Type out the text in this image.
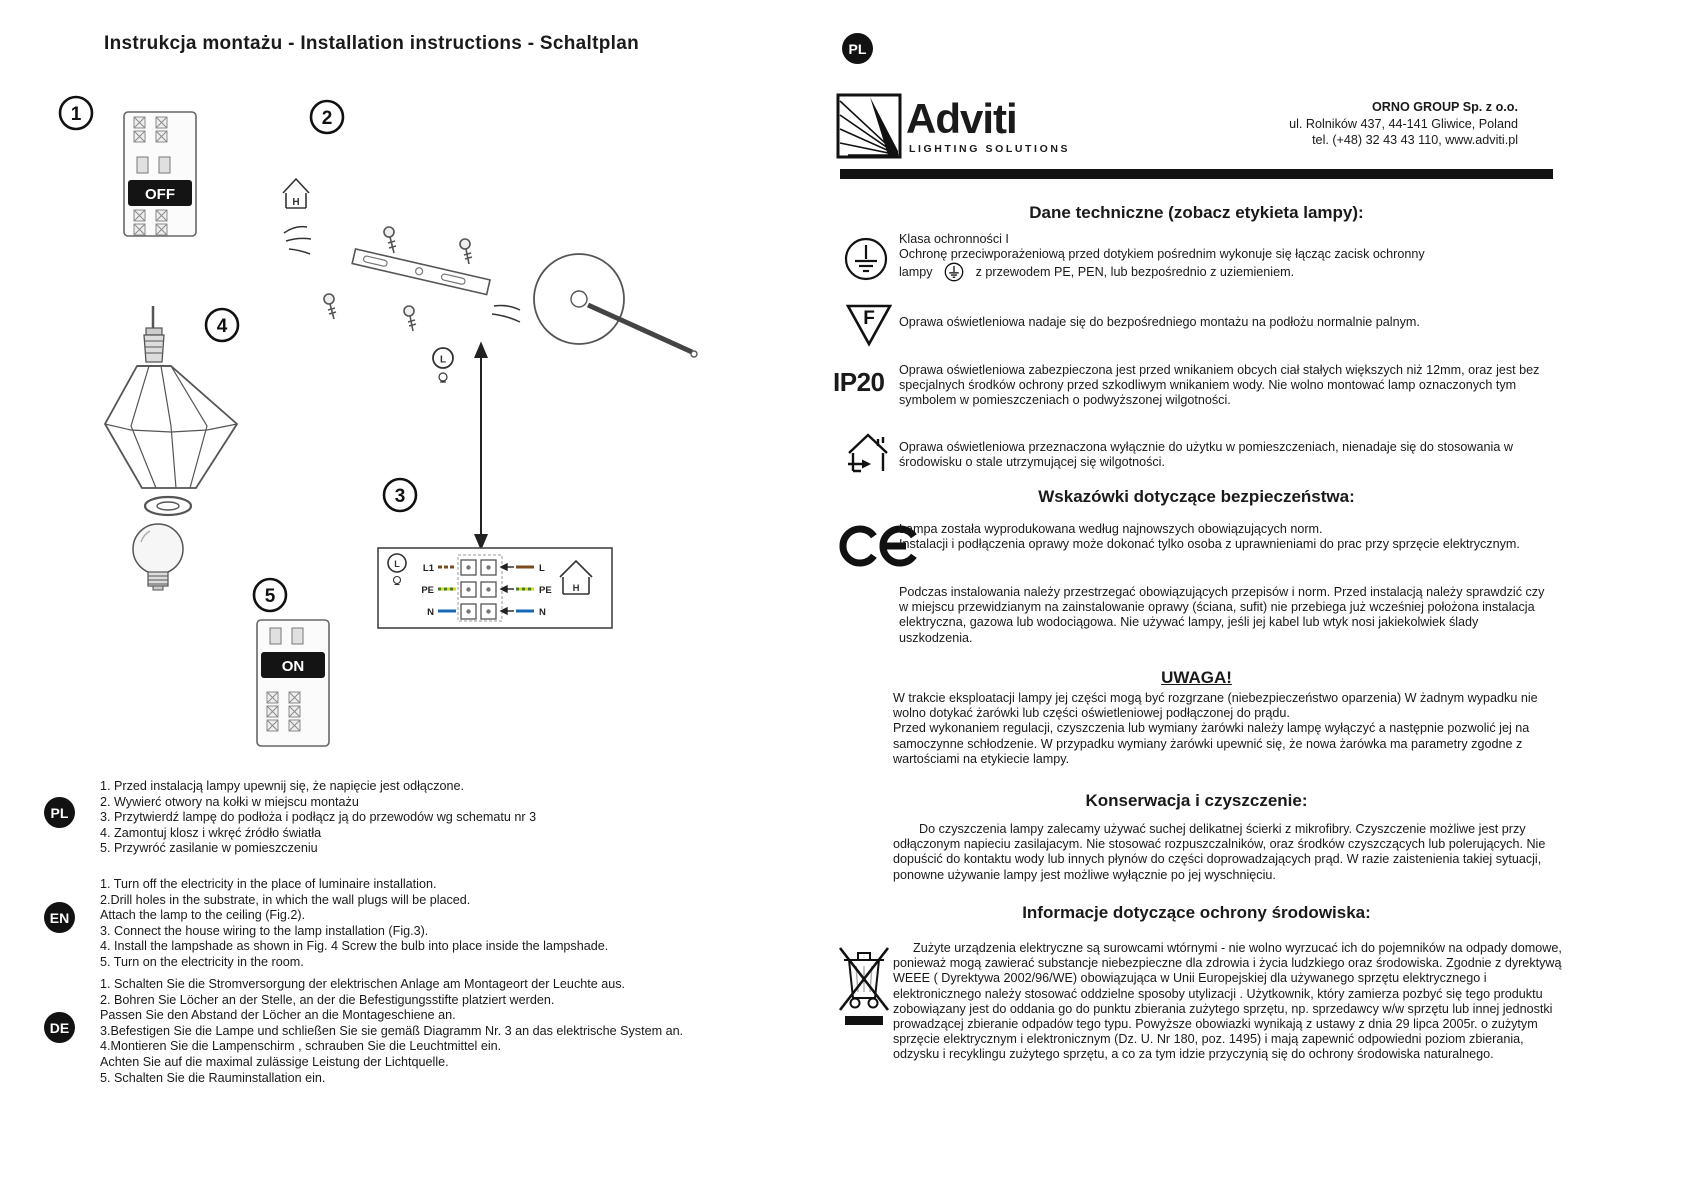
Instrukcja montażu - Installation instructions - Schaltplan
1	2
4
3
5
OFF	H
L
L L1
PE
N
L
PE
N
H
ON
PL
1. Przed instalacją lampy upewnij się, że napięcie jest odłączone.
2. Wywierć otwory na kołki w miejscu montażu
3. Przytwierdź lampę do podłoża i podłącz ją do przewodów wg schematu nr 3
4. Zamontuj klosz i wkręć źródło światła
5. Przywróć zasilanie w pomieszczeniu
EN
1. Turn off the electricity in the place of luminaire installation.
2.Drill holes in the substrate, in which the wall plugs will be placed.
Attach the lamp to the ceiling (Fig.2).
3. Connect the house wiring to the lamp installation (Fig.3).
4. Install the lampshade as shown in Fig. 4 Screw the bulb into place inside the lampshade.
5. Turn on the electricity in the room.
DE
1. Schalten Sie die Stromversorgung der elektrischen Anlage am Montageort der Leuchte aus.
2. Bohren Sie Löcher an der Stelle, an der die Befestigungsstifte platziert werden.
Passen Sie den Abstand der Löcher an die Montageschiene an.
3.Befestigen Sie die Lampe und schließen Sie sie gemäß Diagramm Nr. 3 an das elektrische System an.
4.Montieren Sie die Lampenschirm , schrauben Sie die Leuchtmittel ein.
Achten Sie auf die maximal zulässige Leistung der Lichtquelle.
5. Schalten Sie die Rauminstallation ein.
PL
Adviti
LIGHTING SOLUTIONS
ORNO GROUP Sp. z o.o.
ul. Rolników 437, 44-141 Gliwice, Poland
tel. (+48) 32 43 43 110, www.adviti.pl
Dane techniczne (zobacz etykieta lampy):
Klasa ochronności I
Ochronę przeciwporażeniową przed dotykiem pośrednim wykonuje się łącząc zacisk ochronny
lampy	z przewodem PE, PEN, lub bezpośrednio z uziemieniem.
F Oprawa oświetleniowa nadaje się do bezpośredniego montażu na podłożu normalnie palnym.
IP20 Oprawa oświetleniowa zabezpieczona jest przed wnikaniem obcych ciał stałych większych niż 12mm, oraz jest bez specjalnych środków ochrony przed szkodliwym wnikaniem wody. Nie wolno montować lamp oznaczonych tym symbolem w pomieszczeniach o podwyższonej wilgotności.
Oprawa oświetleniowa przeznaczona wyłącznie do użytku w pomieszczeniach, nienadaje się do stosowania w środowisku o stale utrzymującej się wilgotności.
Wskazówki dotyczące bezpieczeństwa:
Lampa została wyprodukowana według najnowszych obowiązujących norm.
Instalacji i podłączenia oprawy może dokonać tylko osoba z uprawnieniami do prac przy sprzęcie elektrycznym.
Podczas instalowania należy przestrzegać obowiązujących przepisów i norm. Przed instalacją należy sprawdzić czy w miejscu przewidzianym na zainstalowanie oprawy (ściana, sufit) nie przebiega już wcześniej położona instalacja elektryczna, gazowa lub wodociągowa. Nie używać lampy, jeśli jej kabel lub wtyk nosi jakiekolwiek ślady uszkodzenia.
UWAGA!
W trakcie eksploatacji lampy jej części mogą być rozgrzane (niebezpieczeństwo oparzenia) W żadnym wypadku nie wolno dotykać żarówki lub części oświetleniowej podłączonej do prądu.
Przed wykonaniem regulacji, czyszczenia lub wymiany żarówki należy lampę wyłączyć a następnie pozwolić jej na samoczynne schłodzenie. W przypadku wymiany żarówki upewnić się, że nowa żarówka ma parametry zgodne z wartościami na etykiecie lampy.
Konserwacja i czyszczenie:
Do czyszczenia lampy zalecamy używać suchej delikatnej ścierki z mikrofibry. Czyszczenie możliwe jest przy odłączonym napieciu zasilajacym. Nie stosować rozpuszczalników, oraz środków czyszczących lub polerujących. Nie dopuścić do kontaktu wody lub innych płynów do części doprowadzających prąd. W razie zaistenienia takiej sytuacji, ponowne używanie lampy jest możliwe wyłącznie po jej wyschnięciu.
Informacje dotyczące ochrony środowiska:
Zużyte urządzenia elektryczne są surowcami wtórnymi - nie wolno wyrzucać ich do pojemników na odpady domowe, ponieważ mogą zawierać substancje niebezpieczne dla zdrowia i życia ludzkiego oraz środowiska. Zgodnie z dyrektywą WEEE ( Dyrektywa 2002/96/WE) obowiązująca w Unii Europejskiej dla używanego sprzętu elektrycznego i elektronicznego należy stosować oddzielne sposoby utylizacji . Użytkownik, który zamierza pozbyć się tego produktu zobowiązany jest do oddania go do punktu zbierania zużytego sprzętu, np. sprzedawcy w/w sprzętu lub innej jednostki prowadzącej zbieranie odpadów tego typu. Powyższe obowiazki wynikają z ustawy z dnia 29 lipca 2005r. o zużytym sprzęcie elektrycznym i elektronicznym (Dz. U. Nr 180, poz. 1495) i mają zapewnić odpowiedni poziom zbierania, odzysku i recyklingu zużytego sprzętu, a co za tym idzie przyczynią się do ochrony środowiska naturalnego.
